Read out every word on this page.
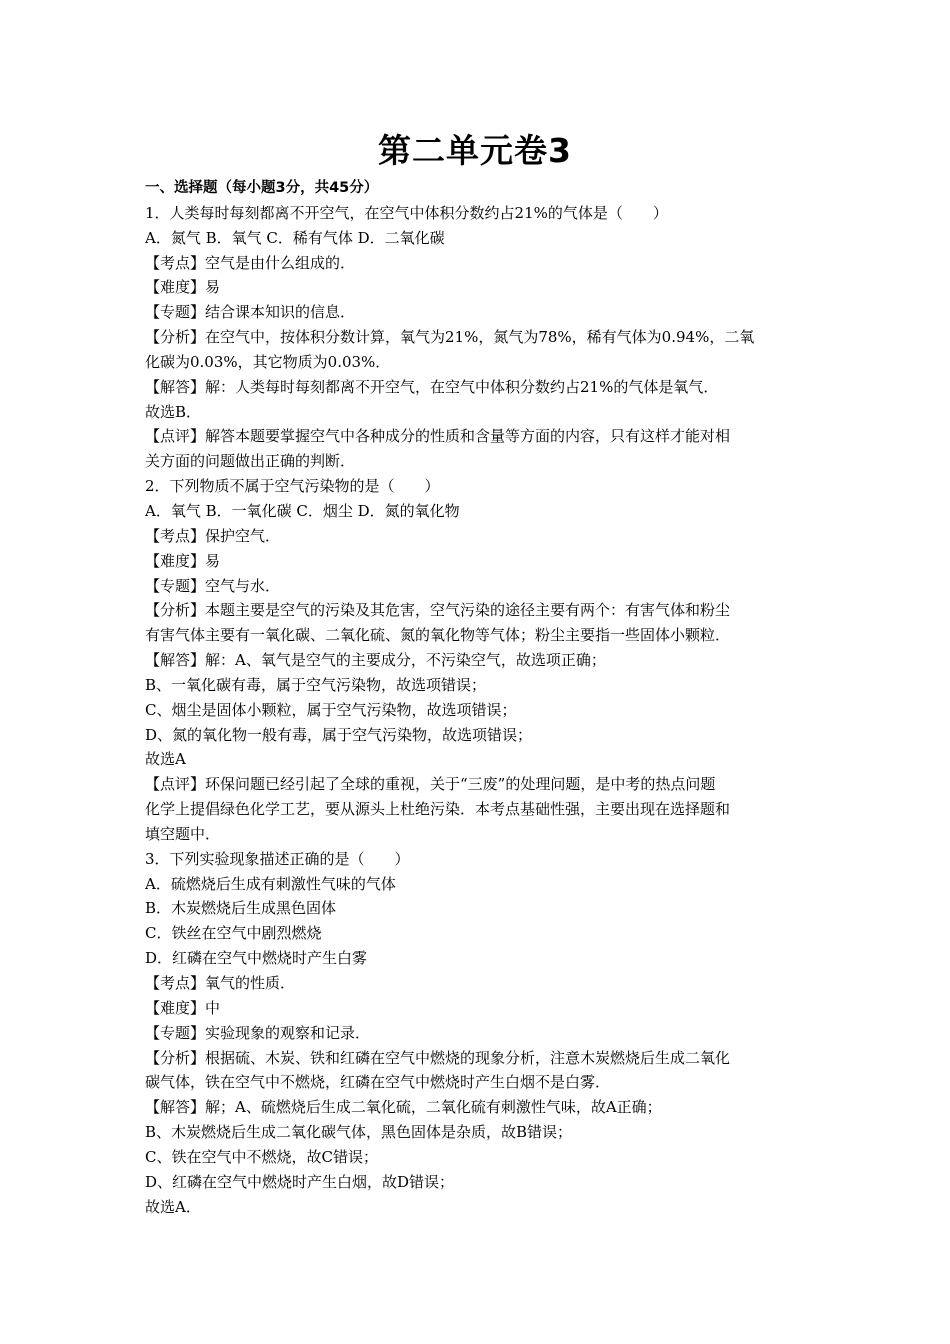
第二单元卷3
一、选择题（每小题3分，共45分）
1．人类每时每刻都离不开空气，在空气中体积分数约占21%的气体是（　　）
A．氮气 B．氧气 C．稀有气体 D．二氧化碳
【考点】空气是由什么组成的．
【难度】易
【专题】结合课本知识的信息．
【分析】在空气中，按体积分数计算，氧气为21%，氮气为78%，稀有气体为0.94%，二氧
化碳为0.03%，其它物质为0.03%．
【解答】解：人类每时每刻都离不开空气，在空气中体积分数约占21%的气体是氧气．
故选B．
【点评】解答本题要掌握空气中各种成分的性质和含量等方面的内容，只有这样才能对相
关方面的问题做出正确的判断．
2．下列物质不属于空气污染物的是（　　）
A．氧气 B．一氧化碳 C．烟尘 D．氮的氧化物
【考点】保护空气．
【难度】易
【专题】空气与水．
【分析】本题主要是空气的污染及其危害，空气污染的途径主要有两个：有害气体和粉尘
有害气体主要有一氧化碳、二氧化硫、氮的氧化物等气体；粉尘主要指一些固体小颗粒．
【解答】解：A、氧气是空气的主要成分，不污染空气，故选项正确；
B、一氧化碳有毒，属于空气污染物，故选项错误；
C、烟尘是固体小颗粒，属于空气污染物，故选项错误；
D、氮的氧化物一般有毒，属于空气污染物，故选项错误；
故选A
【点评】环保问题已经引起了全球的重视，关于“三废”的处理问题，是中考的热点问题
化学上提倡绿色化学工艺，要从源头上杜绝污染．本考点基础性强，主要出现在选择题和
填空题中．
3．下列实验现象描述正确的是（　　）
A．硫燃烧后生成有刺激性气味的气体
B．木炭燃烧后生成黑色固体
C．铁丝在空气中剧烈燃烧
D．红磷在空气中燃烧时产生白雾
【考点】氧气的性质．
【难度】中
【专题】实验现象的观察和记录．
【分析】根据硫、木炭、铁和红磷在空气中燃烧的现象分析，注意木炭燃烧后生成二氧化
碳气体，铁在空气中不燃烧，红磷在空气中燃烧时产生白烟不是白雾．
【解答】解；A、硫燃烧后生成二氧化硫，二氧化硫有刺激性气味，故A正确；
B、木炭燃烧后生成二氧化碳气体，黑色固体是杂质，故B错误；
C、铁在空气中不燃烧，故C错误；
D、红磷在空气中燃烧时产生白烟，故D错误；
故选A．
